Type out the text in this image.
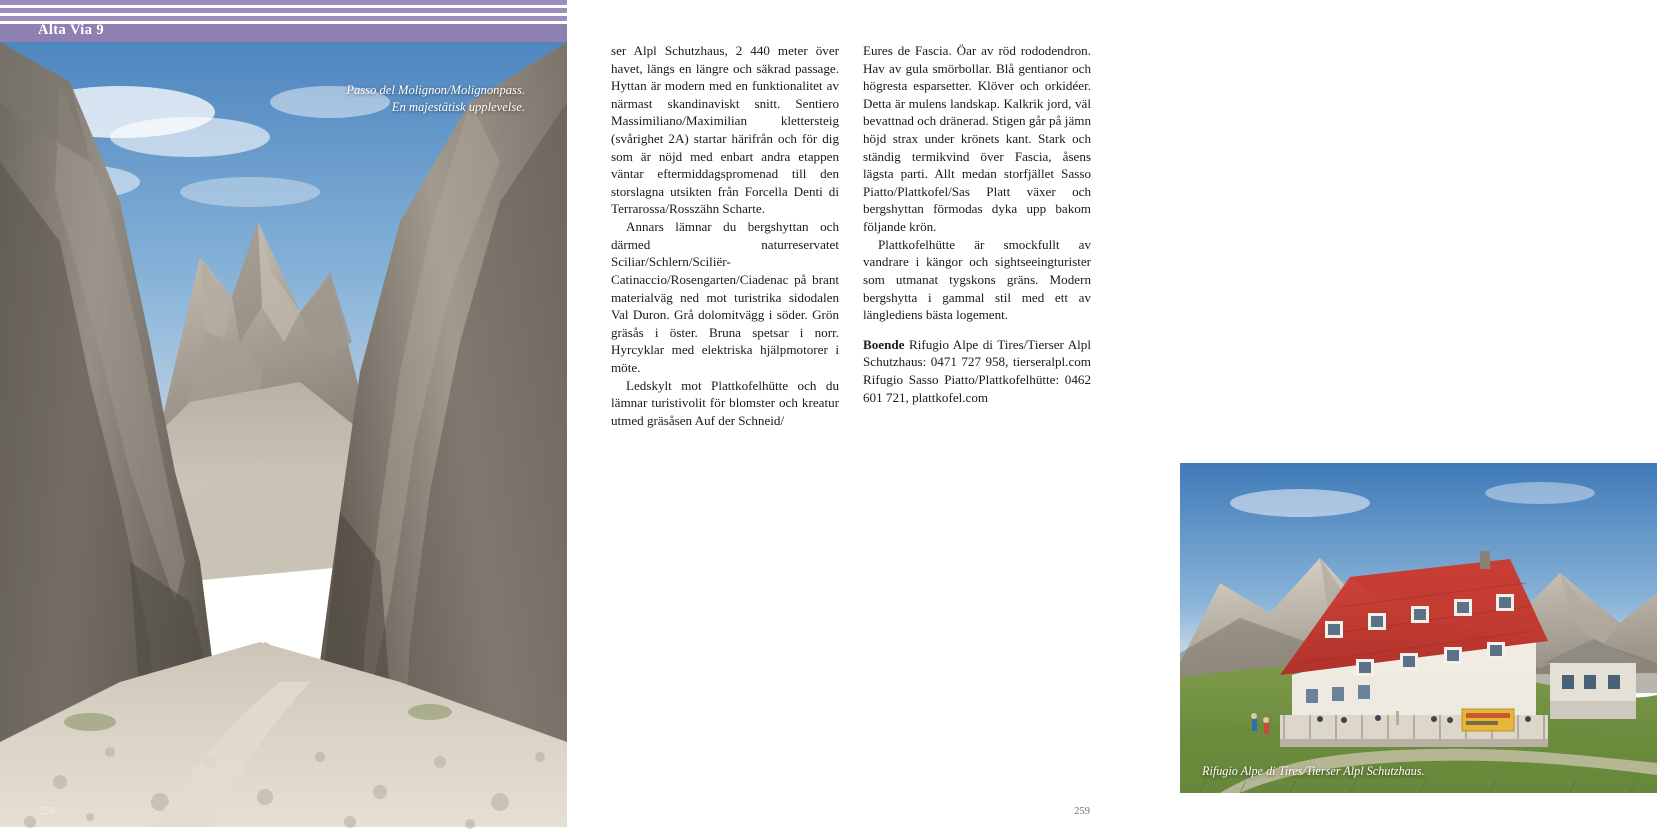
Alta Via 9
Passo del Molignon/Molignonpass.
En majestätisk upplevelse.
258

ser Alpl Schutzhaus, 2 440 meter över havet, längs en längre och säkrad passage. Hyttan är modern med en funktionalitet av närmast skandinaviskt snitt. Sentiero Massimiliano/Maximilian klettersteig (svårighet 2A) startar härifrån och för dig som är nöjd med enbart andra etappen väntar eftermiddagspromenad till den storslagna utsikten från Forcella Denti di Terrarossa/Rosszähn Scharte.

Annars lämnar du bergshyttan och därmed naturreservatet Sciliar/Schlern/Sciliër-Catinaccio/Rosengarten/Ciadenac på brant materialväg ned mot turistrika sidodalen Val Duron. Grå dolomitvägg i söder. Grön gräsås i öster. Bruna spetsar i norr. Hyrcyklar med elektriska hjälpmotorer i möte.

Ledskylt mot Plattkofelhütte och du lämnar turistivolit för blomster och kreatur utmed gräsåsen Auf der Schneid/

Eures de Fascia. Öar av röd rododendron. Hav av gula smörbollar. Blå gentianor och högresta esparsetter. Klöver och orkidéer. Detta är mulens landskap. Kalkrik jord, väl bevattnad och dränerad. Stigen går på jämn höjd strax under krönets kant. Stark och ständig termikvind över Fascia, åsens lägsta parti. Allt medan storfjället Sasso Piatto/Plattkofel/Sas Platt växer och bergshyttan förmodas dyka upp bakom följande krön.

Plattkofelhütte är smockfullt av vandrare i kängor och sightseeingturister som utmanat tygskons gräns. Modern bergshytta i gammal stil med ett av länglediens bästa logement.

Boende Rifugio Alpe di Tires/Tierser Alpl Schutzhaus: 0471 727 958, tierseralpl.com Rifugio Sasso Piatto/Plattkofelhütte: 0462 601 721, plattkofel.com

Rifugio Alpe di Tires/Tierser Alpl Schutzhaus.
259
